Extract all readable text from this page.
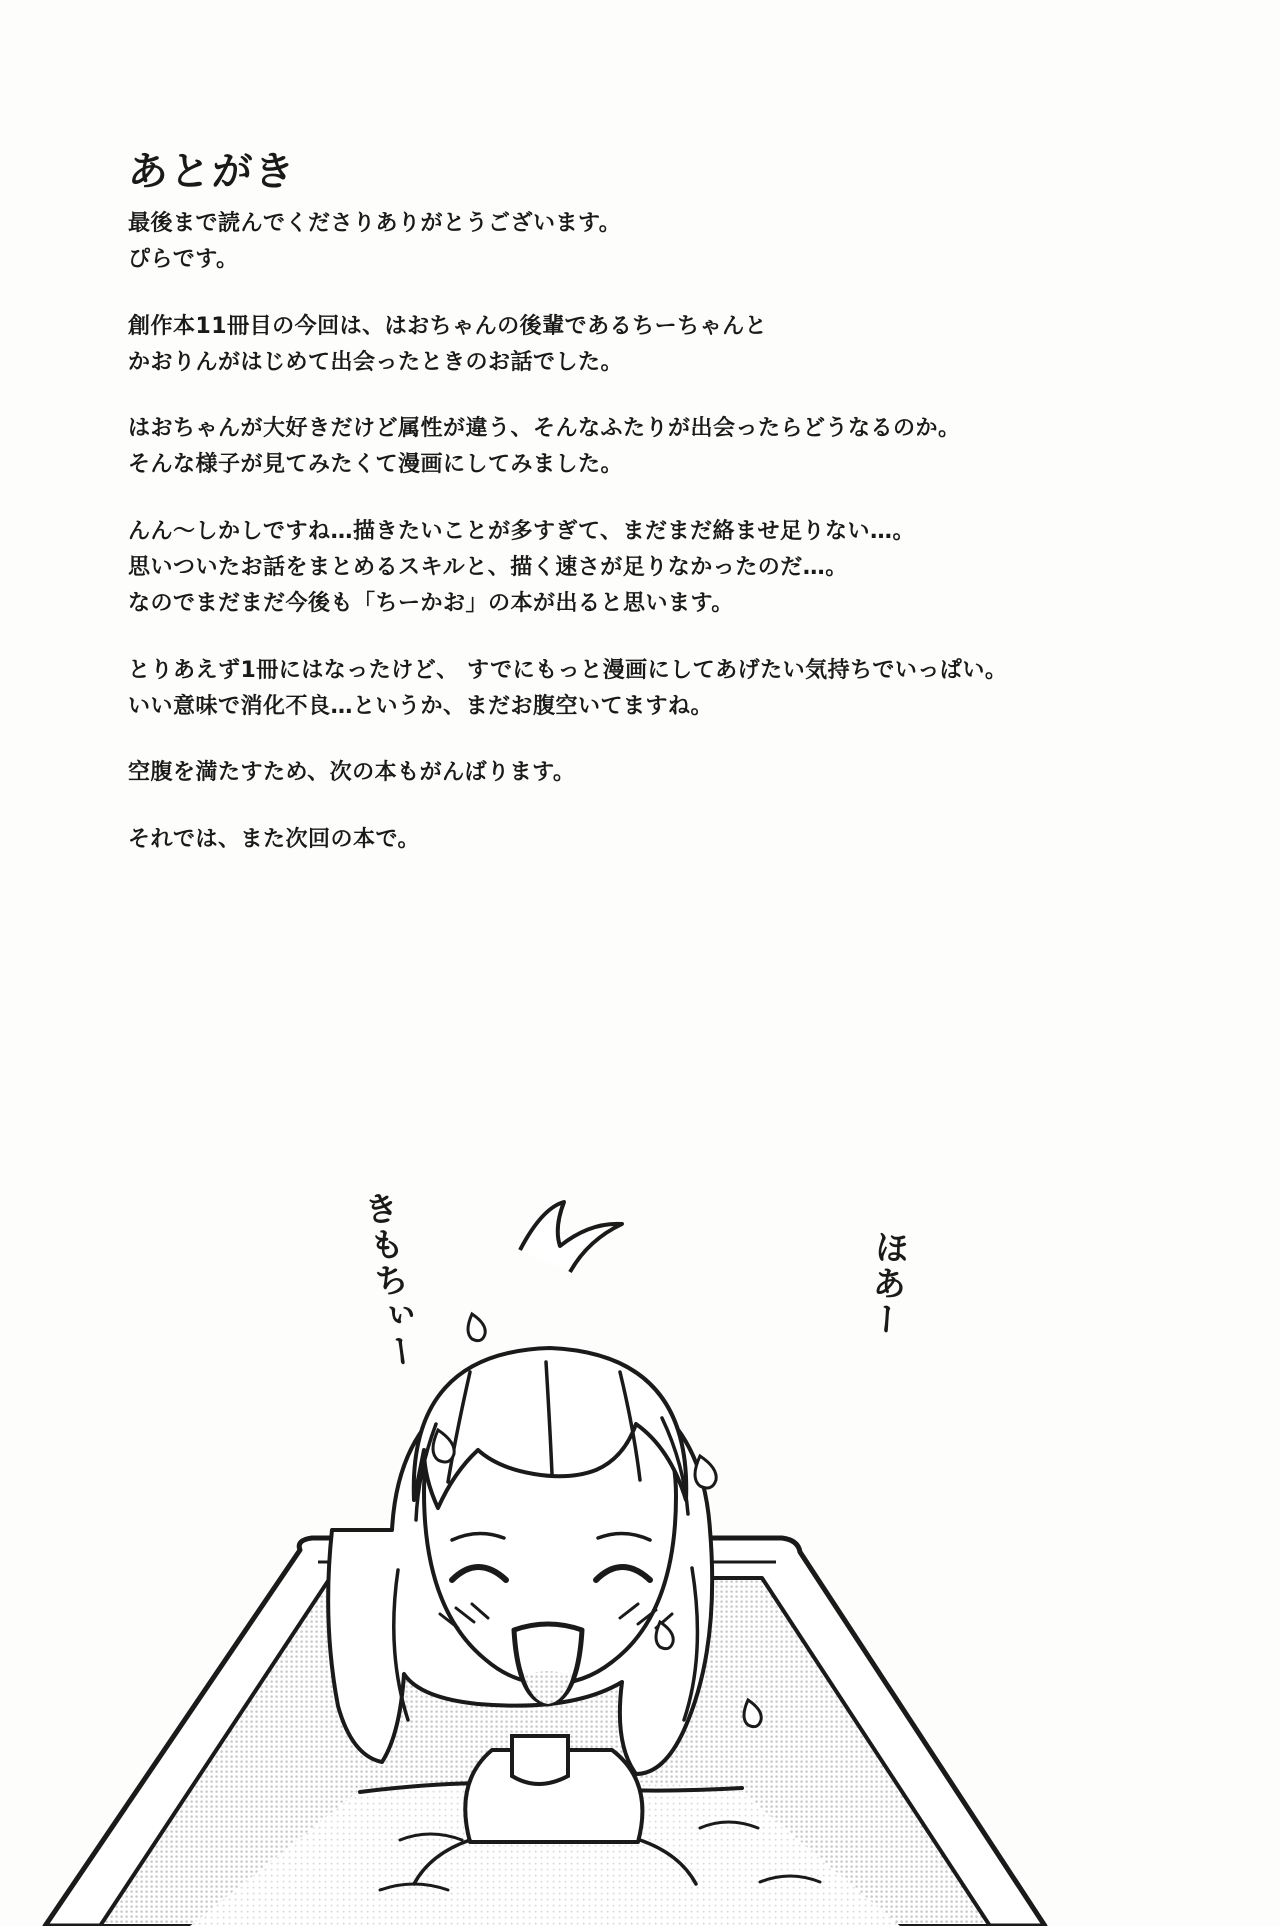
あとがき
最後まで読んでくださりありがとうございます。
ぴらです。
創作本11冊目の今回は、はおちゃんの後輩であるちーちゃんと
かおりんがはじめて出会ったときのお話でした。
はおちゃんが大好きだけど属性が違う、そんなふたりが出会ったらどうなるのか。
そんな様子が見てみたくて漫画にしてみました。
んん〜しかしですね…描きたいことが多すぎて、まだまだ絡ませ足りない…。
思いついたお話をまとめるスキルと、描く速さが足りなかったのだ…。
なのでまだまだ今後も「ちーかお」の本が出ると思います。
とりあえず1冊にはなったけど、 すでにもっと漫画にしてあげたい気持ちでいっぱい。
いい意味で消化不良…というか、まだお腹空いてますね。
空腹を満たすため、次の本もがんばります。
それでは、また次回の本で。
きもちぃー	ほあー
